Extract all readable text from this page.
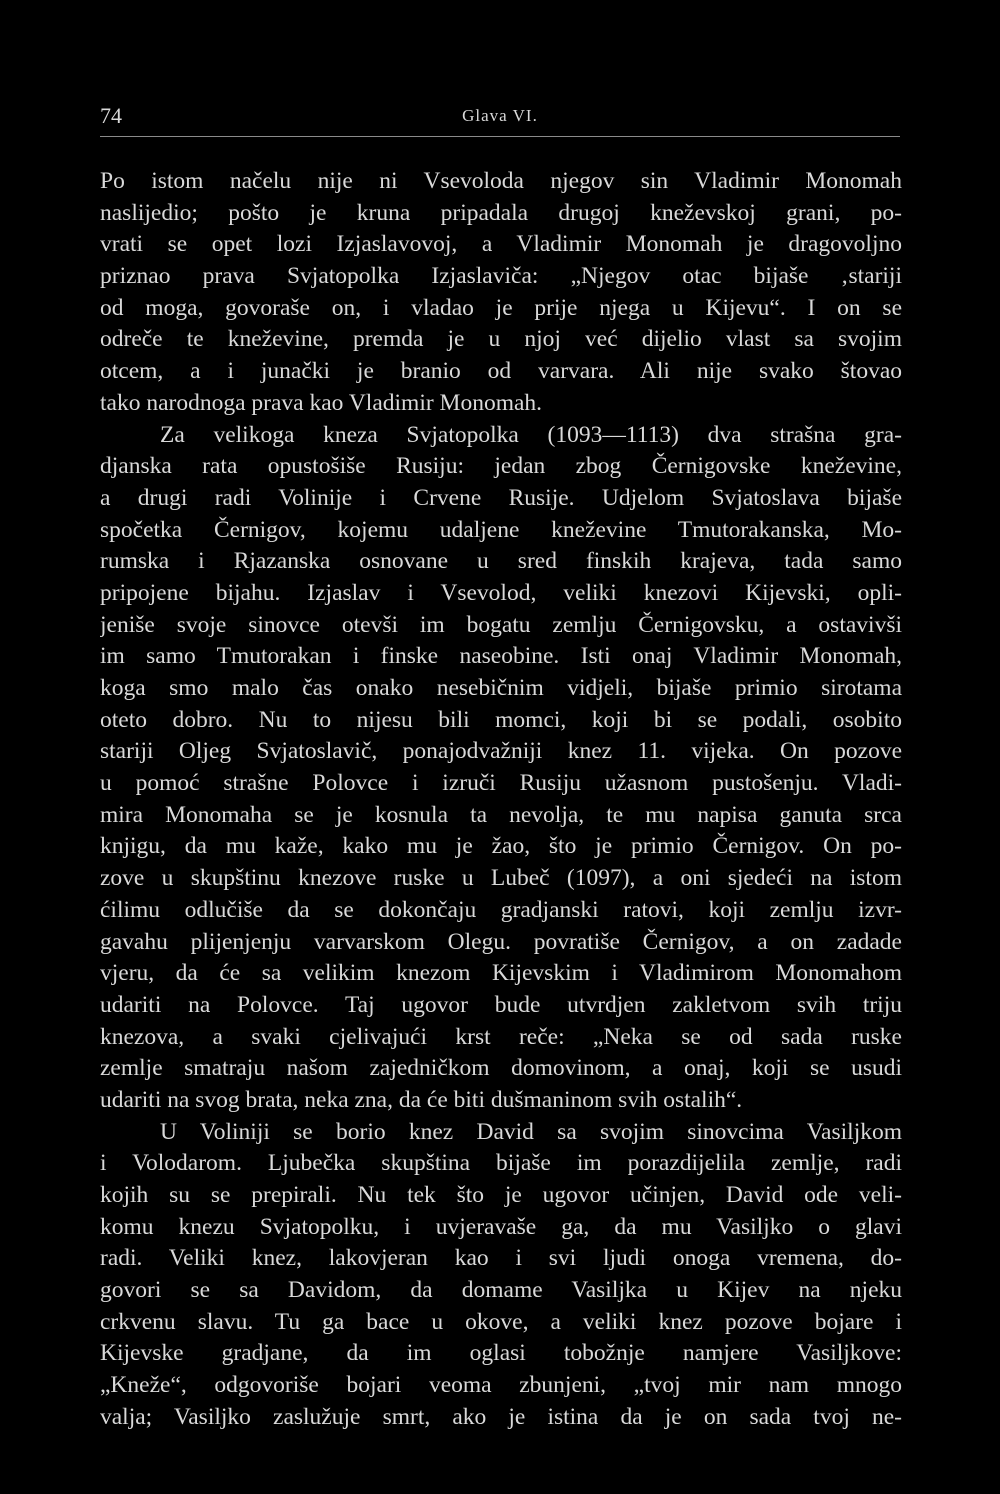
74	Glava VI.
Po istom načelu nije ni Vsevoloda njegov sin Vladimir Monomah
naslijedio; pošto je kruna pripadala drugoj kneževskoj grani, po-
vrati se opet lozi Izjaslavovoj, a Vladimir Monomah je dragovoljno
priznao prava Svjatopolka Izjaslaviča: „Njegov otac bijaše ‚stariji
od moga, govoraše on, i vladao je prije njega u Kijevu“. I on se
odreče te kneževine, premda je u njoj već dijelio vlast sa svojim
otcem, a i junački je branio od varvara. Ali nije svako štovao
tako narodnoga prava kao Vladimir Monomah.
Za velikoga kneza Svjatopolka (1093—1113) dva strašna gra-
djanska rata opustošiše Rusiju: jedan zbog Černigovske kneževine,
a drugi radi Volinije i Crvene Rusije. Udjelom Svjatoslava bijaše
spočetka Černigov, kojemu udaljene kneževine Tmutorakanska, Mo-
rumska i Rjazanska osnovane u sred finskih krajeva, tada samo
pripojene bijahu. Izjaslav i Vsevolod, veliki knezovi Kijevski, opli-
jeniše svoje sinovce otevši im bogatu zemlju Černigovsku, a ostavivši
im samo Tmutorakan i finske naseobine. Isti onaj Vladimir Monomah,
koga smo malo čas onako nesebičnim vidjeli, bijaše primio sirotama
oteto dobro. Nu to nijesu bili momci, koji bi se podali, osobito
stariji Oljeg Svjatoslavič, ponajodvažniji knez 11. vijeka. On pozove
u pomoć strašne Polovce i izruči Rusiju užasnom pustošenju. Vladi-
mira Monomaha se je kosnula ta nevolja, te mu napisa ganuta srca
knjigu, da mu kaže, kako mu je žao, što je primio Černigov. On po-
zove u skupštinu knezove ruske u Lubeč (1097), a oni sjedeći na istom
ćilimu odlučiše da se dokončaju gradjanski ratovi, koji zemlju izvr-
gavahu plijenjenju varvarskom Olegu. povratiše Černigov, a on zadade
vjeru, da će sa velikim knezom Kijevskim i Vladimirom Monomahom
udariti na Polovce. Taj ugovor bude utvrdjen zakletvom svih triju
knezova, a svaki cjelivajući krst reče: „Neka se od sada ruske
zemlje smatraju našom zajedničkom domovinom, a onaj, koji se usudi
udariti na svog brata, neka zna, da će biti dušmaninom svih ostalih“.
U Voliniji se borio knez David sa svojim sinovcima Vasiljkom
i Volodarom. Ljubečka skupština bijaše im porazdijelila zemlje, radi
kojih su se prepirali. Nu tek što je ugovor učinjen, David ode veli-
komu knezu Svjatopolku, i uvjeravaše ga, da mu Vasiljko o glavi
radi. Veliki knez, lakovjeran kao i svi ljudi onoga vremena, do-
govori se sa Davidom, da domame Vasiljka u Kijev na njeku
crkvenu slavu. Tu ga bace u okove, a veliki knez pozove bojare i
Kijevske gradjane, da im oglasi tobožnje namjere Vasiljkove:
„Kneže“, odgovoriše bojari veoma zbunjeni, „tvoj mir nam mnogo
valja; Vasiljko zaslužuje smrt, ako je istina da je on sada tvoj ne-
